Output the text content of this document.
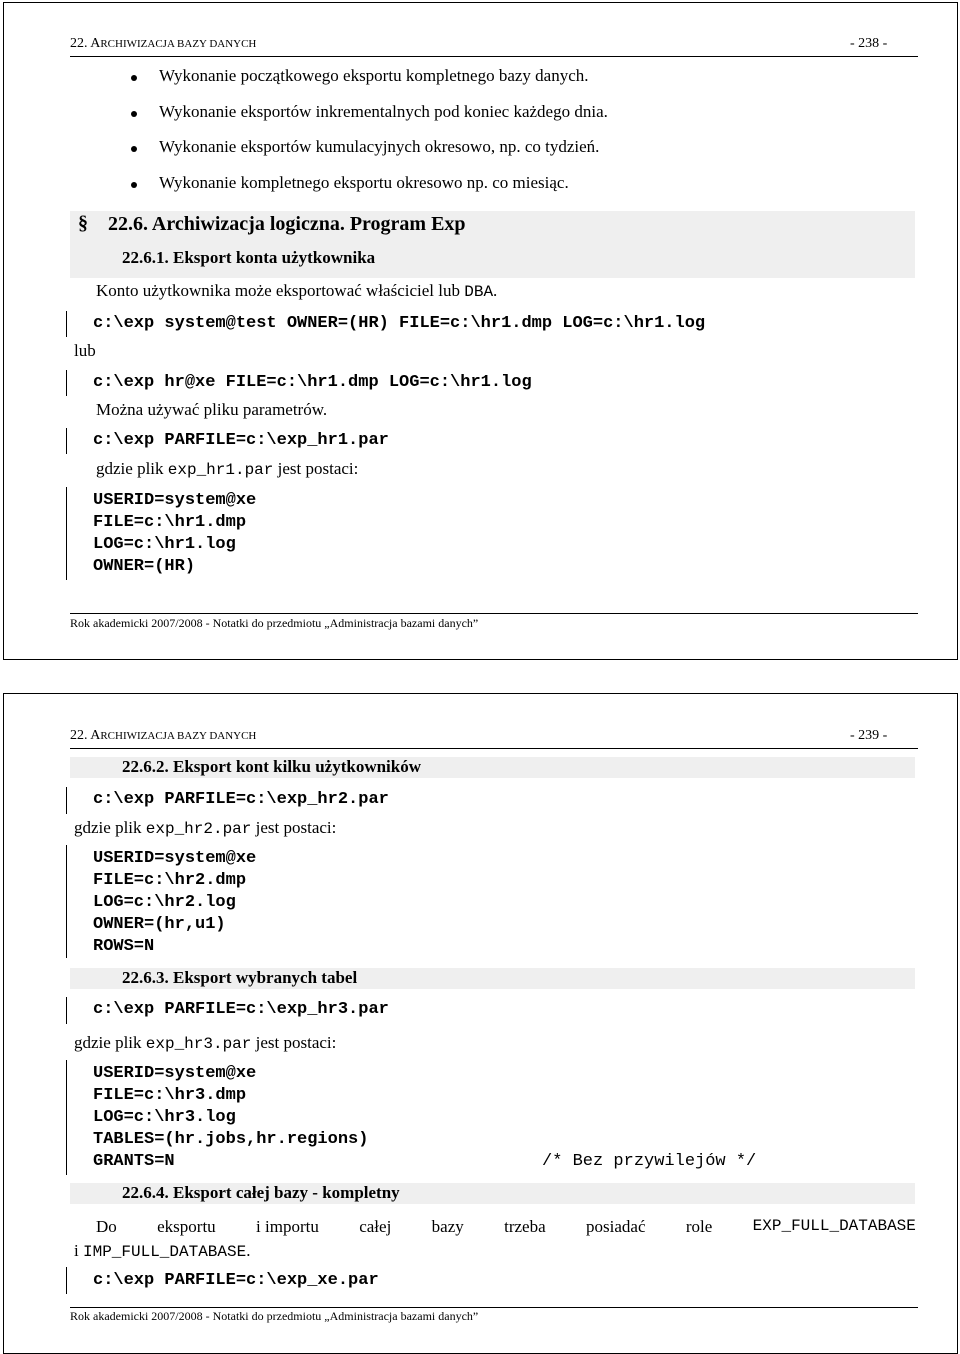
22. ARCHIWIZACJA BAZY DANYCH	- 238 -
Wykonanie początkowego eksportu kompletnego bazy danych.
Wykonanie eksportów inkrementalnych pod koniec każdego dnia.
Wykonanie eksportów kumulacyjnych okresowo, np. co tydzień.
Wykonanie kompletnego eksportu okresowo np. co miesiąc.
§ 22.6. Archiwizacja logiczna. Program Exp
22.6.1. Eksport konta użytkownika
Konto użytkownika może eksportować właściciel lub DBA.
c:\exp system@test OWNER=(HR) FILE=c:\hr1.dmp LOG=c:\hr1.log
lub
c:\exp hr@xe FILE=c:\hr1.dmp LOG=c:\hr1.log
Można używać pliku parametrów.
c:\exp PARFILE=c:\exp_hr1.par
gdzie plik exp_hr1.par jest postaci:
USERID=system@xe
FILE=c:\hr1.dmp
LOG=c:\hr1.log
OWNER=(HR)
Rok akademicki 2007/2008 - Notatki do przedmiotu „Administracja bazami danych”
22. ARCHIWIZACJA BAZY DANYCH	- 239 -
22.6.2. Eksport kont kilku użytkowników
c:\exp PARFILE=c:\exp_hr2.par
gdzie plik exp_hr2.par jest postaci:
USERID=system@xe
FILE=c:\hr2.dmp
LOG=c:\hr2.log
OWNER=(hr,u1)
ROWS=N
22.6.3. Eksport wybranych tabel
c:\exp PARFILE=c:\exp_hr3.par
gdzie plik exp_hr3.par jest postaci:
USERID=system@xe
FILE=c:\hr3.dmp
LOG=c:\hr3.log
TABLES=(hr.jobs,hr.regions)
GRANTS=N	/* Bez przywilejów */
22.6.4. Eksport całej bazy - kompletny
Do eksportu i importu całej bazy trzeba posiadać role	EXP_FULL_DATABASE
i IMP_FULL_DATABASE.
c:\exp PARFILE=c:\exp_xe.par
Rok akademicki 2007/2008 - Notatki do przedmiotu „Administracja bazami danych”
